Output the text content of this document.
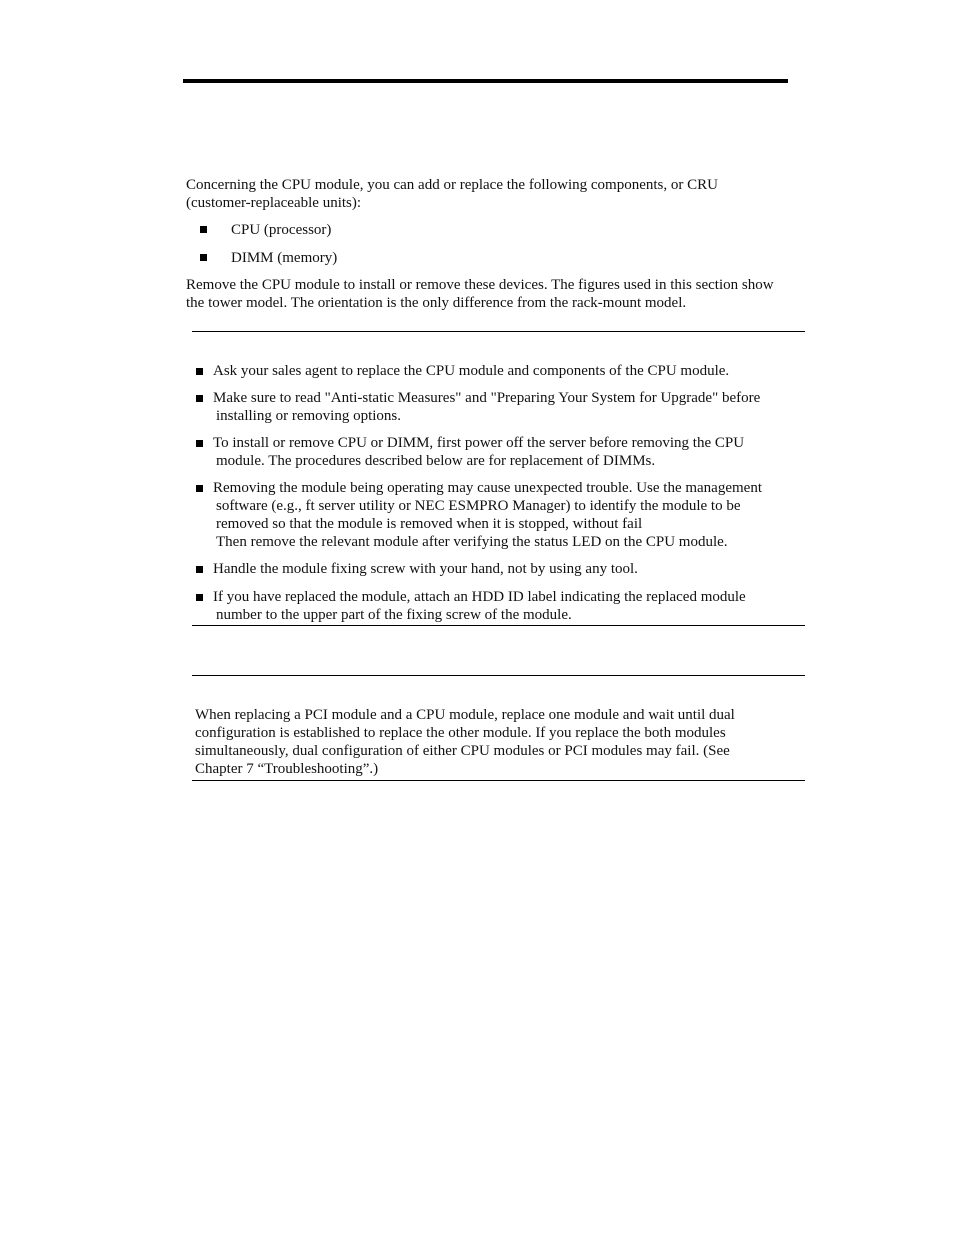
Concerning the CPU module, you can add or replace the following components, or CRU
(customer-replaceable units):

CPU (processor)
DIMM (memory)

Remove the CPU module to install or remove these devices. The figures used in this section show
the tower model. The orientation is the only difference from the rack-mount model.

Ask your sales agent to replace the CPU module and components of the CPU module.
Make sure to read "Anti-static Measures" and "Preparing Your System for Upgrade" before
installing or removing options.
To install or remove CPU or DIMM, first power off the server before removing the CPU
module. The procedures described below are for replacement of DIMMs.
Removing the module being operating may cause unexpected trouble. Use the management
software (e.g., ft server utility or NEC ESMPRO Manager) to identify the module to be
removed so that the module is removed when it is stopped, without fail
Then remove the relevant module after verifying the status LED on the CPU module.
Handle the module fixing screw with your hand, not by using any tool.
If you have replaced the module, attach an HDD ID label indicating the replaced module
number to the upper part of the fixing screw of the module.

When replacing a PCI module and a CPU module, replace one module and wait until dual
configuration is established to replace the other module. If you replace the both modules
simultaneously, dual configuration of either CPU modules or PCI modules may fail. (See
Chapter 7 “Troubleshooting”.)
